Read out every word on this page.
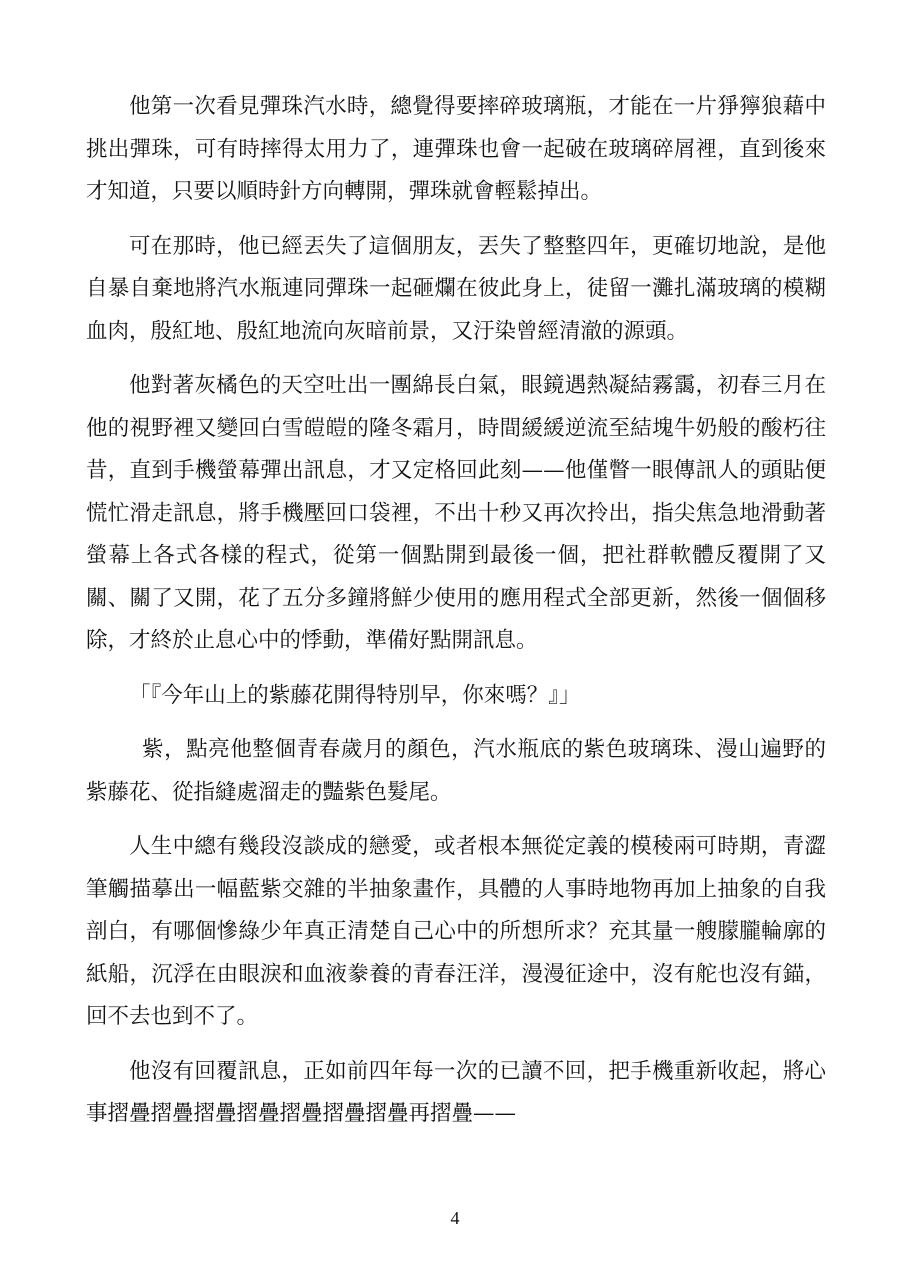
他第一次看見彈珠汽水時，總覺得要摔碎玻璃瓶，才能在一片猙獰狼藉中挑出彈珠，可有時摔得太用力了，連彈珠也會一起破在玻璃碎屑裡，直到後來才知道，只要以順時針方向轉開，彈珠就會輕鬆掉出。

可在那時，他已經丟失了這個朋友，丟失了整整四年，更確切地說，是他自暴自棄地將汽水瓶連同彈珠一起砸爛在彼此身上，徒留一灘扎滿玻璃的模糊血肉，殷紅地、殷紅地流向灰暗前景，又汙染曾經清澈的源頭。

他對著灰橘色的天空吐出一團綿長白氣，眼鏡遇熱凝結霧靄，初春三月在他的視野裡又變回白雪皚皚的隆冬霜月，時間緩緩逆流至結塊牛奶般的酸朽往昔，直到手機螢幕彈出訊息，才又定格回此刻——他僅瞥一眼傳訊人的頭貼便慌忙滑走訊息，將手機壓回口袋裡，不出十秒又再次拎出，指尖焦急地滑動著螢幕上各式各樣的程式，從第一個點開到最後一個，把社群軟體反覆開了又關、關了又開，花了五分多鐘將鮮少使用的應用程式全部更新，然後一個個移除，才終於止息心中的悸動，準備好點開訊息。

「『今年山上的紫藤花開得特別早，你來嗎？』」

紫，點亮他整個青春歲月的顏色，汽水瓶底的紫色玻璃珠、漫山遍野的紫藤花、從指縫處溜走的豔紫色髮尾。

人生中總有幾段沒談成的戀愛，或者根本無從定義的模稜兩可時期，青澀筆觸描摹出一幅藍紫交雜的半抽象畫作，具體的人事時地物再加上抽象的自我剖白，有哪個慘綠少年真正清楚自己心中的所想所求？充其量一艘朦朧輪廓的紙船，沉浮在由眼淚和血液豢養的青春汪洋，漫漫征途中，沒有舵也沒有錨，回不去也到不了。

他沒有回覆訊息，正如前四年每一次的已讀不回，把手機重新收起，將心事摺疊摺疊摺疊摺疊摺疊摺疊摺疊再摺疊——

4
